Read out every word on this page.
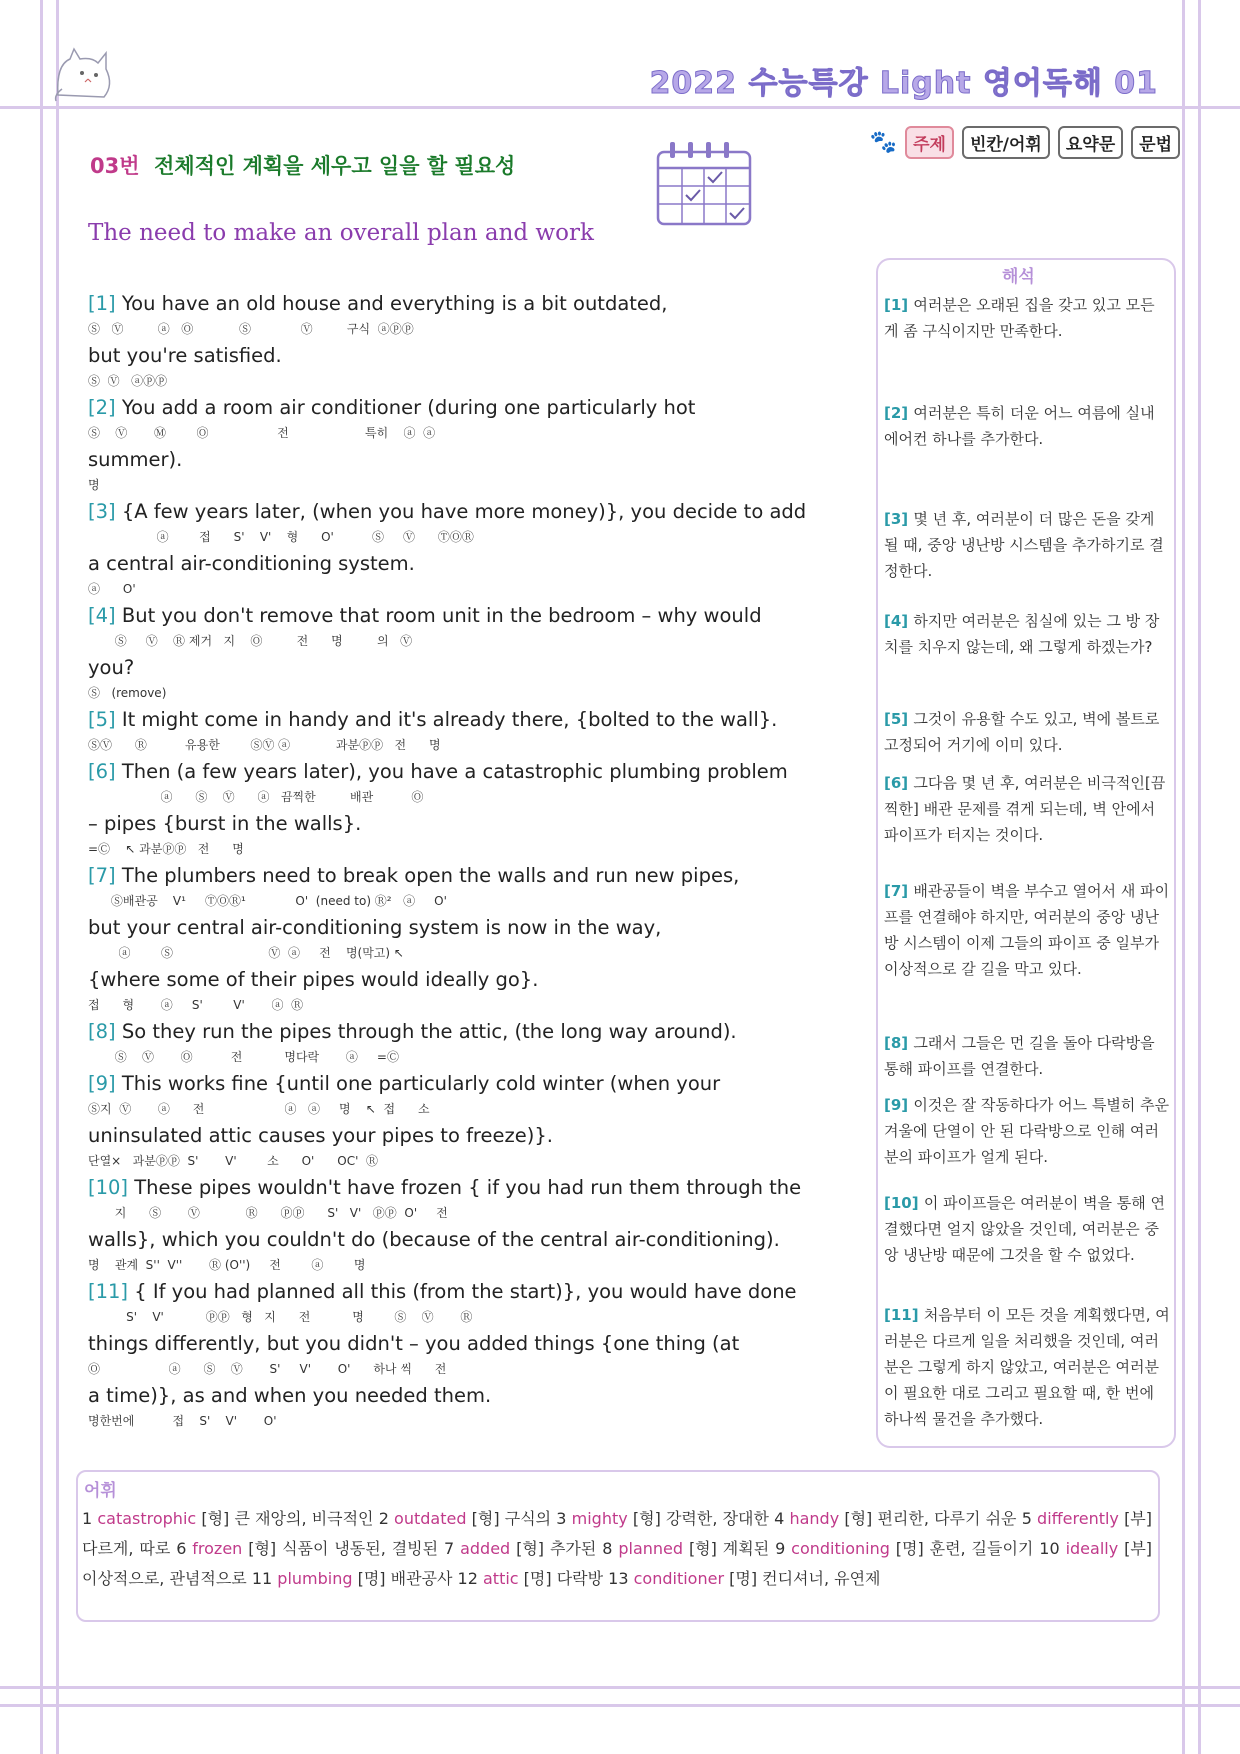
2022 수능특강 Light 영어독해 01
🐾 주제	빈칸/어휘	요약문	문법
03번 전체적인 계획을 세우고 일을 할 필요성
The need to make an overall plan and work
[1] You have an old house and everything is a bit outdated,
Ⓢ   Ⓥ         ⓐ   Ⓞ            Ⓢ             Ⓥ         구식  ⓐⓟⓟ
but you're satisfied.
Ⓢ  Ⓥ   ⓐⓟⓟ
[2] You add a room air conditioner (during one particularly hot
Ⓢ    Ⓥ       Ⓜ        Ⓞ                  전                    특히    ⓐ  ⓐ
summer).
명
[3] {A few years later, (when you have more money)}, you decide to add
ⓐ        접      S'    V'    형      O'          Ⓢ     Ⓥ      ⓉⓄⓇ
a central air-conditioning system.
ⓐ      O'
[4] But you don't remove that room unit in the bedroom – why would
Ⓢ     Ⓥ    Ⓡ 제거   지    Ⓞ         전      명         의   Ⓥ
you?
Ⓢ   (remove)
[5] It might come in handy and it's already there, {bolted to the wall}.
ⓈⓋ      Ⓡ          유용한        ⓈⓋ ⓐ            과분ⓟⓟ   전      명
[6] Then (a few years later), you have a catastrophic plumbing problem
ⓐ      Ⓢ    Ⓥ      ⓐ   끔찍한         배관          Ⓞ
– pipes {burst in the walls}.
=Ⓒ    ↖ 과분ⓟⓟ   전      명
[7] The plumbers need to break open the walls and run new pipes,
Ⓢ배관공    V¹     ⓉⓄⓇ¹             O'  (need to) Ⓡ²   ⓐ     O'
but your central air-conditioning system is now in the way,
ⓐ        Ⓢ                         Ⓥ  ⓐ     전    명(막고) ↖
{where some of their pipes would ideally go}.
접      형       ⓐ     S'        V'       ⓐ  Ⓡ
[8] So they run the pipes through the attic, (the long way around).
Ⓢ    Ⓥ       Ⓞ          전           명다락       ⓐ     =Ⓒ
[9] This works fine {until one particularly cold winter (when your
Ⓢ지  Ⓥ       ⓐ      전                     ⓐ   ⓐ     명    ↖  접      소
uninsulated attic causes your pipes to freeze)}.
단열×   과분ⓟⓟ  S'       V'        소      O'      OC'  Ⓡ
[10] These pipes wouldn't have frozen { if you had run them through the
지      Ⓢ       Ⓥ            Ⓡ      ⓟⓟ      S'   V'   ⓟⓟ  O'     전
walls}, which you couldn't do (because of the central air-conditioning).
명    관계  S''  V''       Ⓡ (O'')     전        ⓐ        명
[11] { If you had planned all this (from the start)}, you would have done
S'    V'           ⓟⓟ   형   지      전           명        Ⓢ    Ⓥ       Ⓡ
things differently, but you didn't – you added things {one thing (at
Ⓞ                  ⓐ      Ⓢ    Ⓥ       S'     V'       O'      하나 씩      전
a time)}, as and when you needed them.
명한번에          접    S'    V'       O'
해석
[1] 여러분은 오래된 집을 갖고 있고 모든 게 좀 구식이지만 만족한다.
[2] 여러분은 특히 더운 어느 여름에 실내 에어컨 하나를 추가한다.
[3] 몇 년 후, 여러분이 더 많은 돈을 갖게 될 때, 중앙 냉난방 시스템을 추가하기로 결정한다.
[4] 하지만 여러분은 침실에 있는 그 방 장치를 치우지 않는데, 왜 그렇게 하겠는가?
[5] 그것이 유용할 수도 있고, 벽에 볼트로 고정되어 거기에 이미 있다.
[6] 그다음 몇 년 후, 여러분은 비극적인[끔찍한] 배관 문제를 겪게 되는데, 벽 안에서 파이프가 터지는 것이다.
[7] 배관공들이 벽을 부수고 열어서 새 파이프를 연결해야 하지만, 여러분의 중앙 냉난방 시스템이 이제 그들의 파이프 중 일부가 이상적으로 갈 길을 막고 있다.
[8] 그래서 그들은 먼 길을 돌아 다락방을 통해 파이프를 연결한다.
[9] 이것은 잘 작동하다가 어느 특별히 추운 겨울에 단열이 안 된 다락방으로 인해 여러분의 파이프가 얼게 된다.
[10] 이 파이프들은 여러분이 벽을 통해 연결했다면 얼지 않았을 것인데, 여러분은 중앙 냉난방 때문에 그것을 할 수 없었다.
[11] 처음부터 이 모든 것을 계획했다면, 여러분은 다르게 일을 처리했을 것인데, 여러분은 그렇게 하지 않았고, 여러분은 여러분이 필요한 대로 그리고 필요할 때, 한 번에 하나씩 물건을 추가했다.
어휘
1 catastrophic [형] 큰 재앙의, 비극적인 2 outdated [형] 구식의 3 mighty [형] 강력한, 장대한 4 handy [형] 편리한, 다루기 쉬운 5 differently [부] 다르게, 따로 6 frozen [형] 식품이 냉동된, 결빙된 7 added [형] 추가된 8 planned [형] 계획된 9 conditioning [명] 훈련, 길들이기 10 ideally [부] 이상적으로, 관념적으로 11 plumbing [명] 배관공사 12 attic [명] 다락방 13 conditioner [명] 컨디셔너, 유연제
